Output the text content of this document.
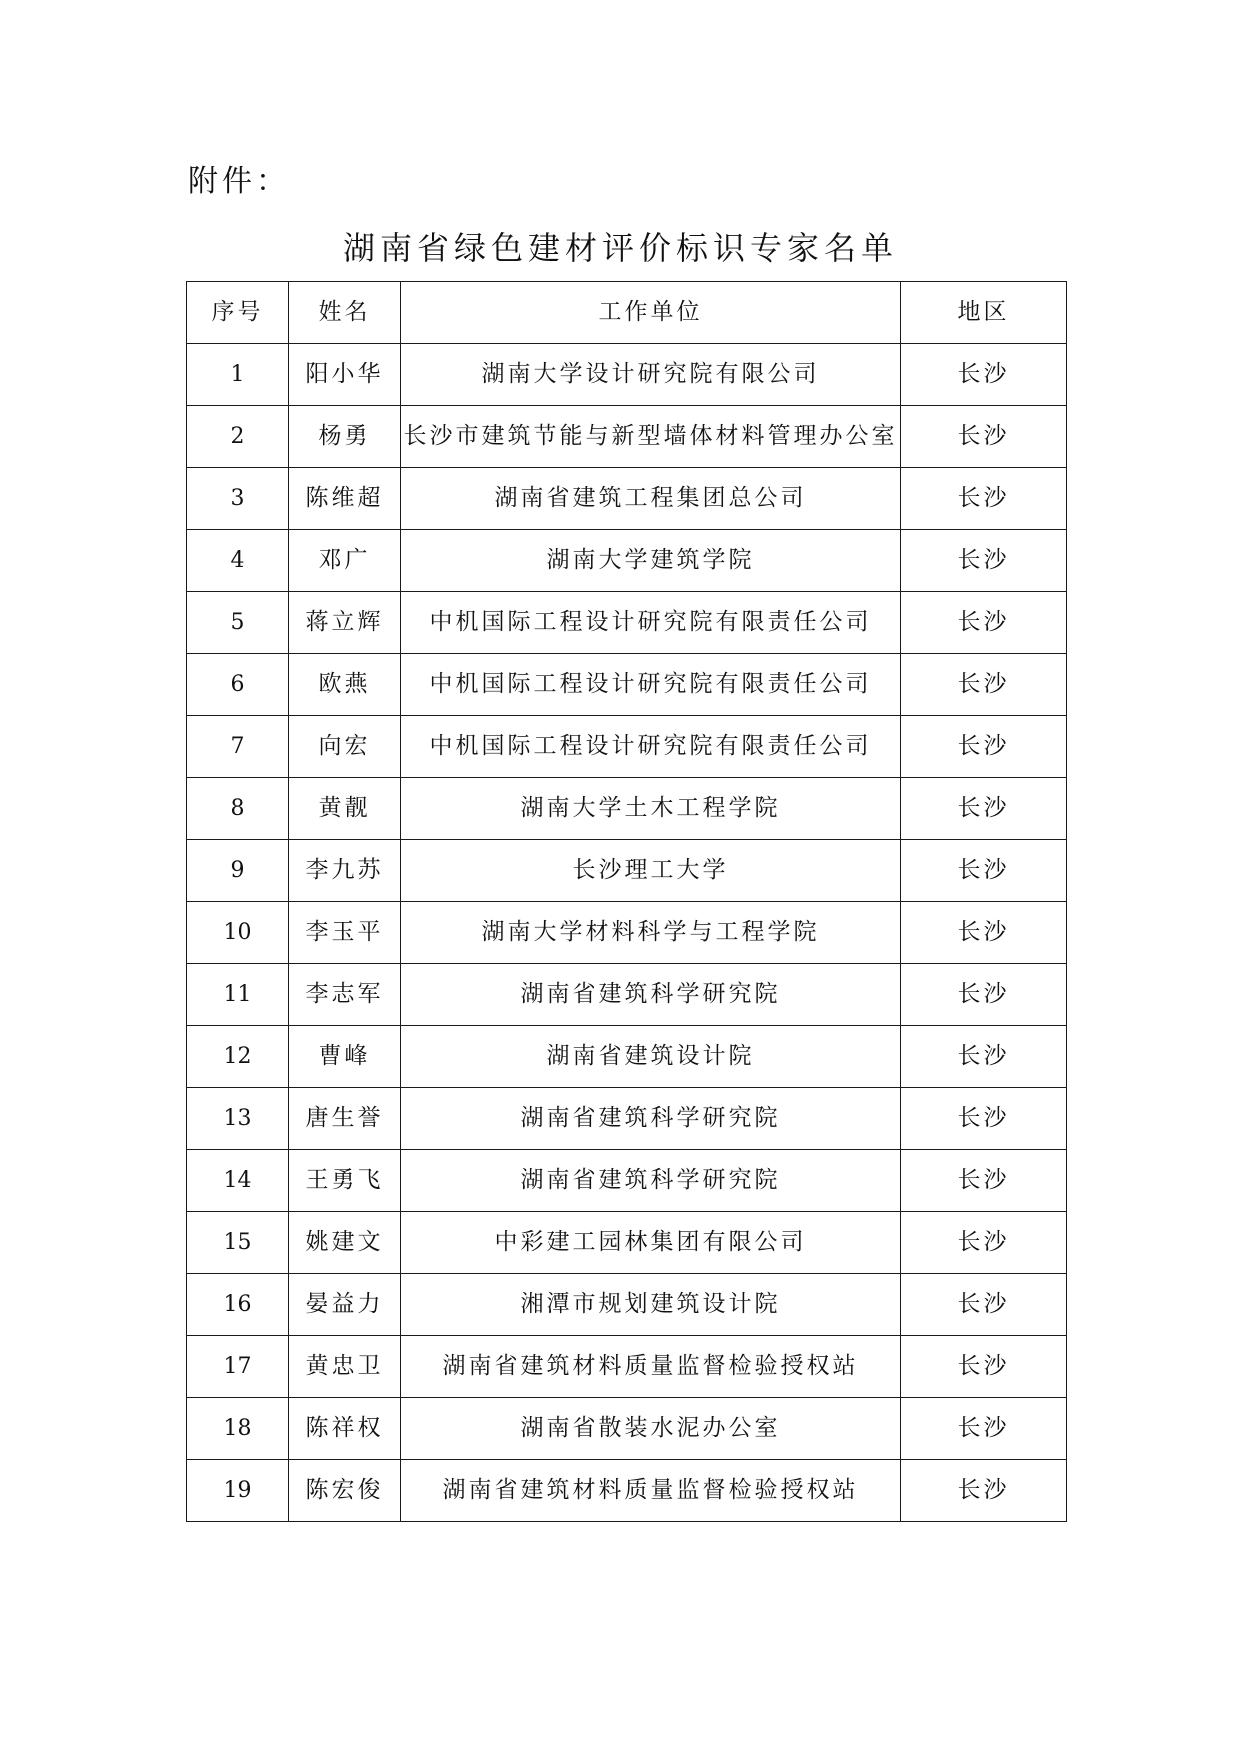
附件：
湖南省绿色建材评价标识专家名单
序号	姓名	工作单位	地区
1	阳小华	湖南大学设计研究院有限公司	长沙
2	杨勇	长沙市建筑节能与新型墙体材料管理办公室	长沙
3	陈维超	湖南省建筑工程集团总公司	长沙
4	邓广	湖南大学建筑学院	长沙
5	蒋立辉	中机国际工程设计研究院有限责任公司	长沙
6	欧燕	中机国际工程设计研究院有限责任公司	长沙
7	向宏	中机国际工程设计研究院有限责任公司	长沙
8	黄靓	湖南大学土木工程学院	长沙
9	李九苏	长沙理工大学	长沙
10	李玉平	湖南大学材料科学与工程学院	长沙
11	李志军	湖南省建筑科学研究院	长沙
12	曹峰	湖南省建筑设计院	长沙
13	唐生誉	湖南省建筑科学研究院	长沙
14	王勇飞	湖南省建筑科学研究院	长沙
15	姚建文	中彩建工园林集团有限公司	长沙
16	晏益力	湘潭市规划建筑设计院	长沙
17	黄忠卫	湖南省建筑材料质量监督检验授权站	长沙
18	陈祥权	湖南省散装水泥办公室	长沙
19	陈宏俊	湖南省建筑材料质量监督检验授权站	长沙
